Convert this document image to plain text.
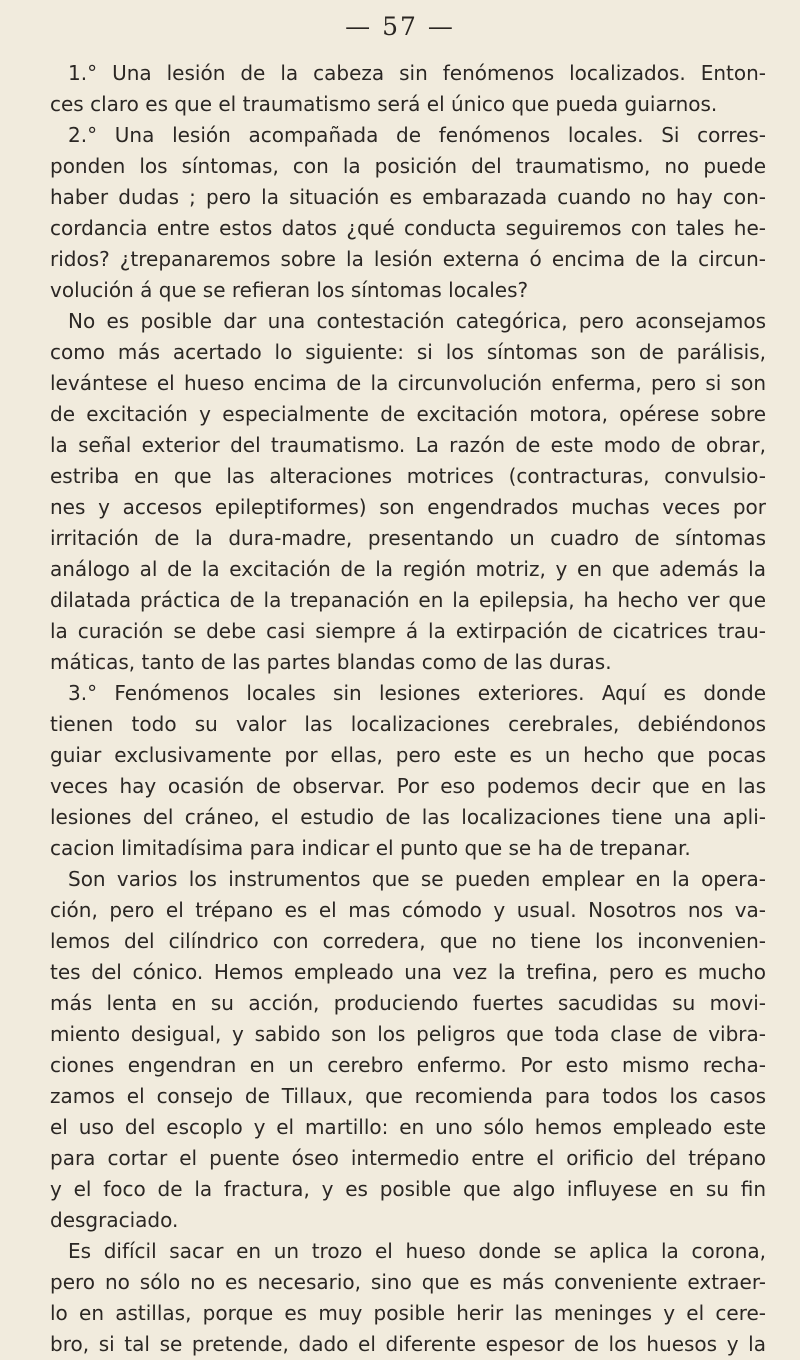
— 57 —
1.° Una lesión de la cabeza sin fenómenos localizados. Enton-
ces claro es que el traumatismo será el único que pueda guiarnos.
2.° Una lesión acompañada de fenómenos locales. Si corres-
ponden los síntomas, con la posición del traumatismo, no puede
haber dudas ; pero la situación es embarazada cuando no hay con-
cordancia entre estos datos ¿qué conducta seguiremos con tales he-
ridos? ¿trepanaremos sobre la lesión externa ó encima de la circun-
volución á que se refieran los síntomas locales?
No es posible dar una contestación categórica, pero aconsejamos
como más acertado lo siguiente: si los síntomas son de parálisis,
levántese el hueso encima de la circunvolución enferma, pero si son
de excitación y especialmente de excitación motora, opérese sobre
la señal exterior del traumatismo. La razón de este modo de obrar,
estriba en que las alteraciones motrices (contracturas, convulsio-
nes y accesos epileptiformes) son engendrados muchas veces por
irritación de la dura-madre, presentando un cuadro de síntomas
análogo al de la excitación de la región motriz, y en que además la
dilatada práctica de la trepanación en la epilepsia, ha hecho ver que
la curación se debe casi siempre á la extirpación de cicatrices trau-
máticas, tanto de las partes blandas como de las duras.
3.° Fenómenos locales sin lesiones exteriores. Aquí es donde
tienen todo su valor las localizaciones cerebrales, debiéndonos
guiar exclusivamente por ellas, pero este es un hecho que pocas
veces hay ocasión de observar. Por eso podemos decir que en las
lesiones del cráneo, el estudio de las localizaciones tiene una apli-
cacion limitadísima para indicar el punto que se ha de trepanar.
Son varios los instrumentos que se pueden emplear en la opera-
ción, pero el trépano es el mas cómodo y usual. Nosotros nos va-
lemos del cilíndrico con corredera, que no tiene los inconvenien-
tes del cónico. Hemos empleado una vez la trefina, pero es mucho
más lenta en su acción, produciendo fuertes sacudidas su movi-
miento desigual, y sabido son los peligros que toda clase de vibra-
ciones engendran en un cerebro enfermo. Por esto mismo recha-
zamos el consejo de Tillaux, que recomienda para todos los casos
el uso del escoplo y el martillo: en uno sólo hemos empleado este
para cortar el puente óseo intermedio entre el orificio del trépano
y el foco de la fractura, y es posible que algo influyese en su fin
desgraciado.
Es difícil sacar en un trozo el hueso donde se aplica la corona,
pero no sólo no es necesario, sino que es más conveniente extraer-
lo en astillas, porque es muy posible herir las meninges y el cere-
bro, si tal se pretende, dado el diferente espesor de los huesos y la
